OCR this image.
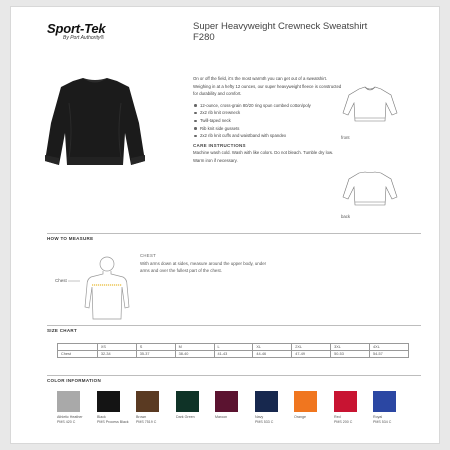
Sport-Tek
By Port Authority®
Super Heavyweight Crewneck Sweatshirt
F280
On or off the field, it’s the most warmth you can get out of a sweatshirt. Weighing in at a hefty 12 ounces, our super heavyweight fleece is constructed for durability and comfort.
12-ounce, cross-grain 80/20 ring spun combed cotton/poly
2x2 rib knit crewneck
Twill-taped neck
Rib knit side gussets
2x2 rib knit cuffs and waistband with spandex
CARE INSTRUCTIONS
Machine wash cold. Wash with like colors. Do not bleach. Tumble dry low. Warm iron if necessary.
front
back
HOW TO MEASURE
Chest
CHEST
With arms down at sides, measure around the upper body, under arms and over the fullest part of the chest.
SIZE CHART
	XS	S	M	L	XL	2XL	3XL	4XL
Chest	32-34	35-37	38-40	41-43	44-46	47-49	50-53	54-57
COLOR INFORMATION
Athletic Heather
PMS 420 C
Black
PMS Process Black
Brown
PMS 7519 C
Dark Green	Maroon	Navy
PMS 533 C
Orange	Red
PMS 200 C
Royal
PMS 534 C
